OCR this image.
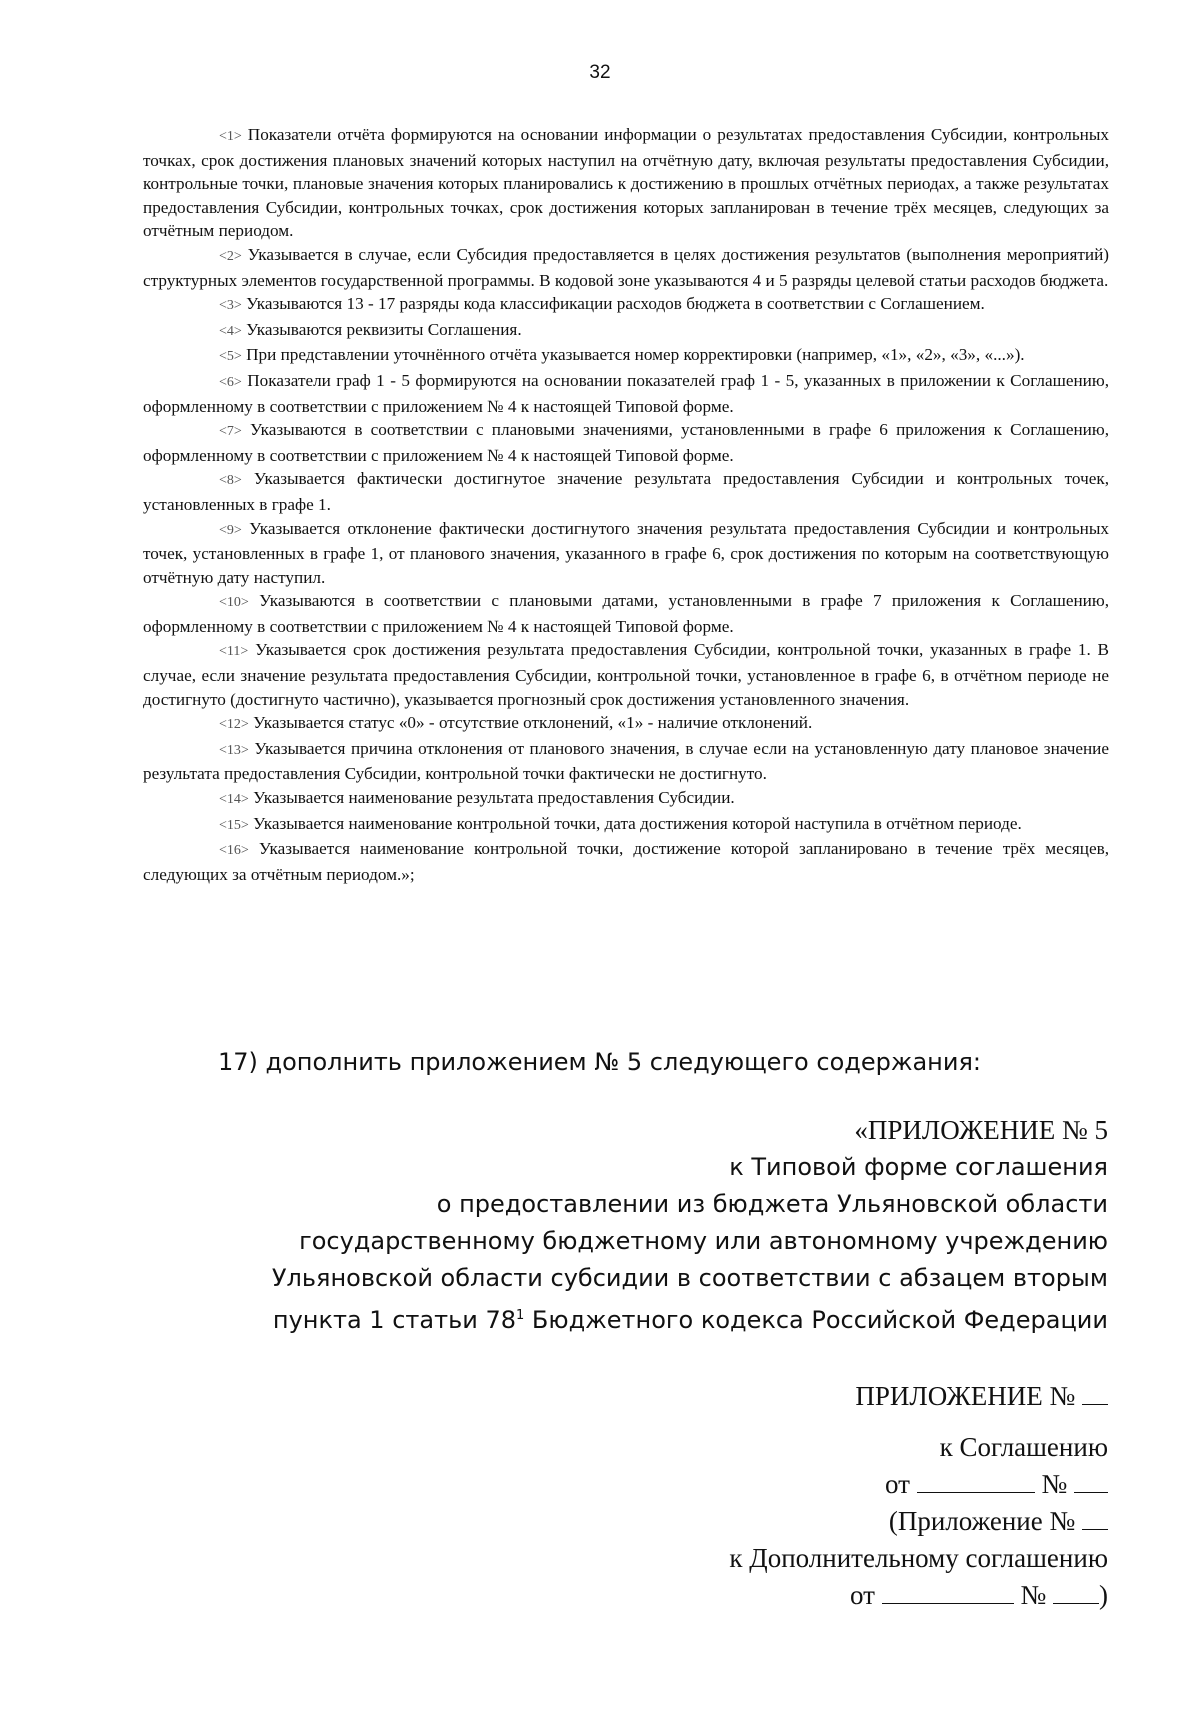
32

<1> Показатели отчёта формируются на основании информации о результатах предоставления Субсидии, контрольных точках, срок достижения плановых значений которых наступил на отчётную дату, включая результаты предоставления Субсидии, контрольные точки, плановые значения которых планировались к достижению в прошлых отчётных периодах, а также результатах предоставления Субсидии, контрольных точках, срок достижения которых запланирован в течение трёх месяцев, следующих за отчётным периодом.

<2> Указывается в случае, если Субсидия предоставляется в целях достижения результатов (выполнения мероприятий) структурных элементов государственной программы. В кодовой зоне указываются 4 и 5 разряды целевой статьи расходов бюджета.

<3> Указываются 13 - 17 разряды кода классификации расходов бюджета в соответствии с Соглашением.

<4> Указываются реквизиты Соглашения.

<5> При представлении уточнённого отчёта указывается номер корректировки (например, «1», «2», «3», «...»).

<6> Показатели граф 1 - 5 формируются на основании показателей граф 1 - 5, указанных в приложении к Соглашению, оформленному в соответствии с приложением № 4 к настоящей Типовой форме.

<7> Указываются в соответствии с плановыми значениями, установленными в графе 6 приложения к Соглашению, оформленному в соответствии с приложением № 4 к настоящей Типовой форме.

<8> Указывается фактически достигнутое значение результата предоставления Субсидии и контрольных точек, установленных в графе 1.

<9> Указывается отклонение фактически достигнутого значения результата предоставления Субсидии и контрольных точек, установленных в графе 1, от планового значения, указанного в графе 6, срок достижения по которым на соответствующую отчётную дату наступил.

<10> Указываются в соответствии с плановыми датами, установленными в графе 7 приложения к Соглашению, оформленному в соответствии с приложением № 4 к настоящей Типовой форме.

<11> Указывается срок достижения результата предоставления Субсидии, контрольной точки, указанных в графе 1. В случае, если значение результата предоставления Субсидии, контрольной точки, установленное в графе 6, в отчётном периоде не достигнуто (достигнуто частично), указывается прогнозный срок достижения установленного значения.

<12> Указывается статус «0» - отсутствие отклонений, «1» - наличие отклонений.

<13> Указывается причина отклонения от планового значения, в случае если на установленную дату плановое значение результата предоставления Субсидии, контрольной точки фактически не достигнуто.

<14> Указывается наименование результата предоставления Субсидии.

<15> Указывается наименование контрольной точки, дата достижения которой наступила в отчётном периоде.

<16> Указывается наименование контрольной точки, достижение которой запланировано в течение трёх месяцев, следующих за отчётным периодом.»;

17) дополнить приложением № 5 следующего содержания:
«ПРИЛОЖЕНИЕ № 5
к Типовой форме соглашения
о предоставлении из бюджета Ульяновской области
государственному бюджетному или автономному учреждению
Ульяновской области субсидии в соответствии с абзацем вторым
пункта 1 статьи $78^1$ Бюджетного кодекса Российской Федерации
ПРИЛОЖЕНИЕ №
к Соглашению
от	№
(Приложение №
к Дополнительному соглашению
от	№ )
